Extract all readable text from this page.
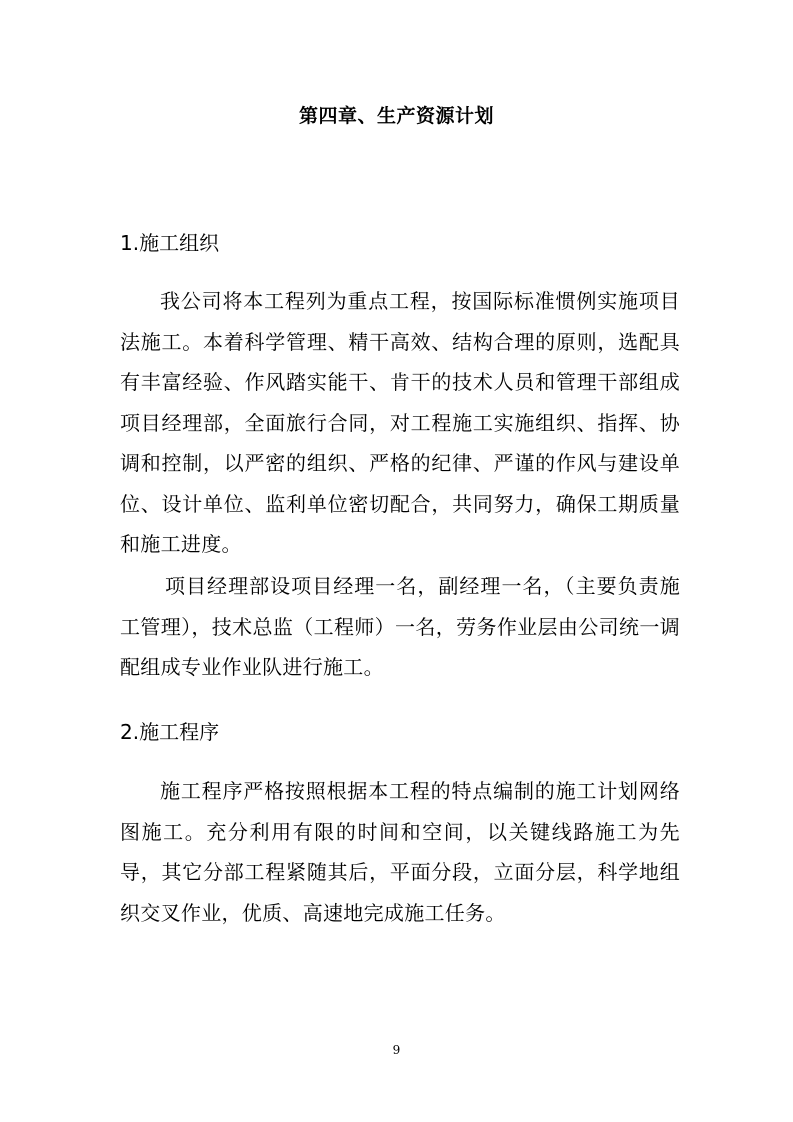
第四章、生产资源计划
1.施工组织

我公司将本工程列为重点工程，按国际标准惯例实施项目法施工。本着科学管理、精干高效、结构合理的原则，选配具有丰富经验、作风踏实能干、肯干的技术人员和管理干部组成项目经理部，全面旅行合同，对工程施工实施组织、指挥、协调和控制，以严密的组织、严格的纪律、严谨的作风与建设单位、设计单位、监利单位密切配合，共同努力，确保工期质量和施工进度。

项目经理部设项目经理一名，副经理一名，（主要负责施工管理），技术总监（工程师）一名，劳务作业层由公司统一调配组成专业作业队进行施工。

2.施工程序

施工程序严格按照根据本工程的特点编制的施工计划网络图施工。充分利用有限的时间和空间，以关键线路施工为先导，其它分部工程紧随其后，平面分段，立面分层，科学地组织交叉作业，优质、高速地完成施工任务。

9
